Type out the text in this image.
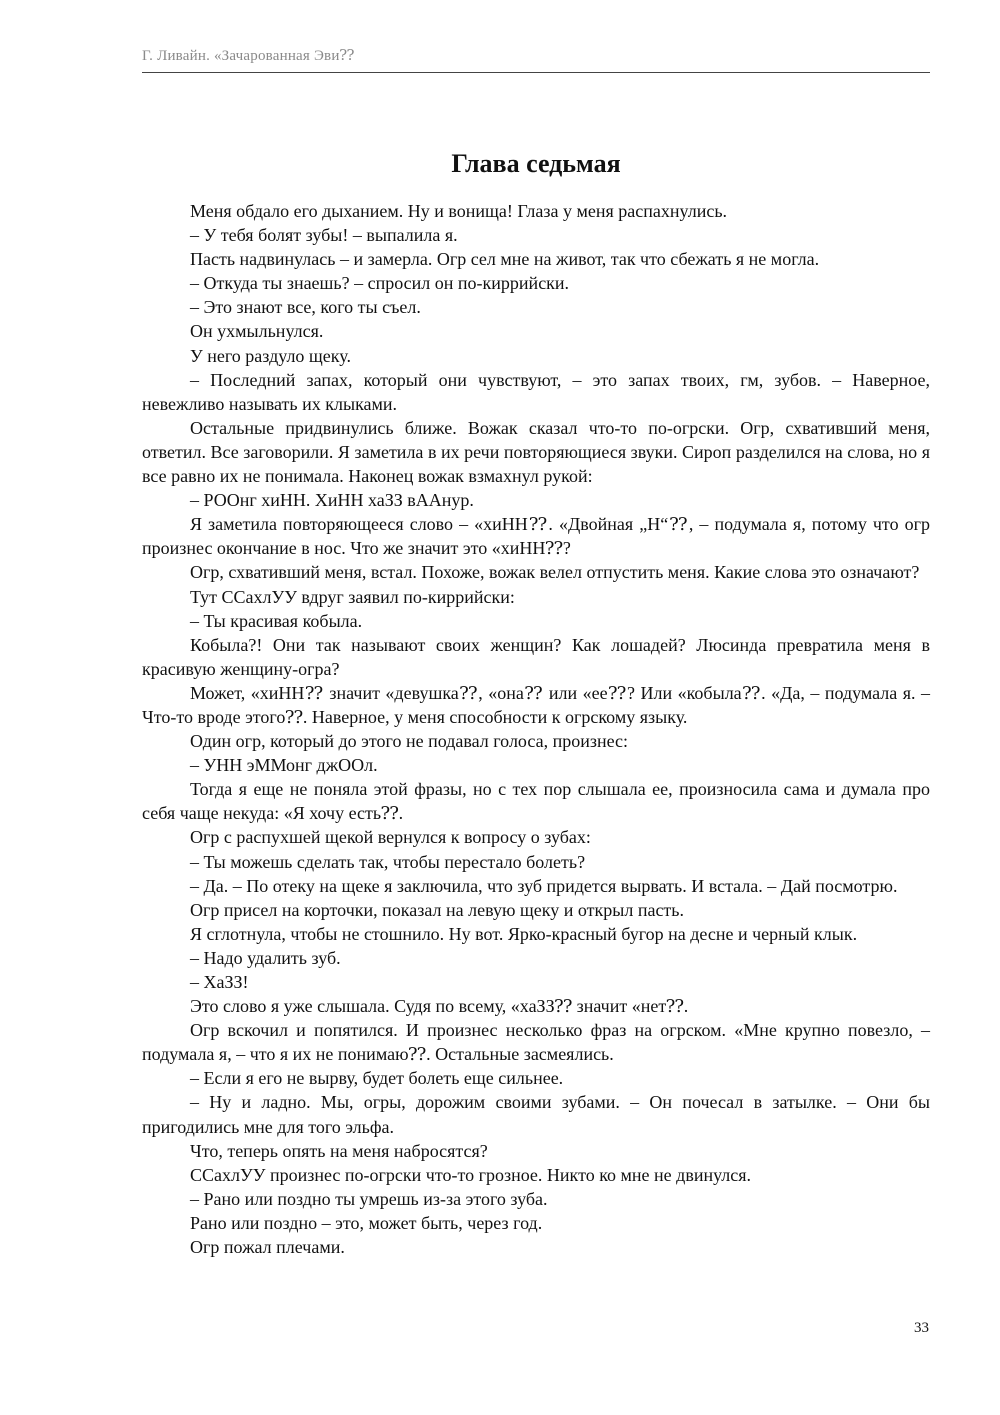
Г. Ливайн. «Зачарованная Эви⁇
Глава седьмая

Меня обдало его дыханием. Ну и вонища! Глаза у меня распахнулись.

– У тебя болят зубы! – выпалила я.

Пасть надвинулась – и замерла. Огр сел мне на живот, так что сбежать я не могла.

– Откуда ты знаешь? – спросил он по-киррийски.

– Это знают все, кого ты съел.

Он ухмыльнулся.

У него раздуло щеку.

– Последний запах, который они чувствуют, – это запах твоих, гм, зубов. – Наверное, невежливо называть их клыками.

Остальные придвинулись ближе. Вожак сказал что-то по-огрски. Огр, схвативший меня, ответил. Все заговорили. Я заметила в их речи повторяющиеся звуки. Сироп разделился на слова, но я все равно их не понимала. Наконец вожак взмахнул рукой:

– РООнг хиНН. ХиНН хаЗЗ вААнур.

Я заметила повторяющееся слово – «хиНН⁇. «Двойная „Н“⁇, – подумала я, потому что огр произнес окончание в нос. Что же значит это «хиНН⁇?

Огр, схвативший меня, встал. Похоже, вожак велел отпустить меня. Какие слова это означают?

Тут ССахлУУ вдруг заявил по-киррийски:

– Ты красивая кобыла.

Кобыла?! Они так называют своих женщин? Как лошадей? Люсинда превратила меня в красивую женщину-огра?

Может, «хиНН⁇ значит «девушка⁇, «она⁇ или «ее⁇? Или «кобыла⁇. «Да, – подумала я. – Что-то вроде этого⁇. Наверное, у меня способности к огрскому языку.

Один огр, который до этого не подавал голоса, произнес:

– УНН эММонг джООл.

Тогда я еще не поняла этой фразы, но с тех пор слышала ее, произносила сама и думала про себя чаще некуда: «Я хочу есть⁇.

Огр с распухшей щекой вернулся к вопросу о зубах:

– Ты можешь сделать так, чтобы перестало болеть?

– Да. – По отеку на щеке я заключила, что зуб придется вырвать. И встала. – Дай посмотрю.

Огр присел на корточки, показал на левую щеку и открыл пасть.

Я сглотнула, чтобы не стошнило. Ну вот. Ярко-красный бугор на десне и черный клык.

– Надо удалить зуб.

– ХаЗЗ!

Это слово я уже слышала. Судя по всему, «хаЗЗ⁇ значит «нет⁇.

Огр вскочил и попятился. И произнес несколько фраз на огрском. «Мне крупно повезло, – подумала я, – что я их не понимаю⁇. Остальные засмеялись.

– Если я его не вырву, будет болеть еще сильнее.

– Ну и ладно. Мы, огры, дорожим своими зубами. – Он почесал в затылке. – Они бы пригодились мне для того эльфа.

Что, теперь опять на меня набросятся?

ССахлУУ произнес по-огрски что-то грозное. Никто ко мне не двинулся.

– Рано или поздно ты умрешь из-за этого зуба.

Рано или поздно – это, может быть, через год.

Огр пожал плечами.

33
